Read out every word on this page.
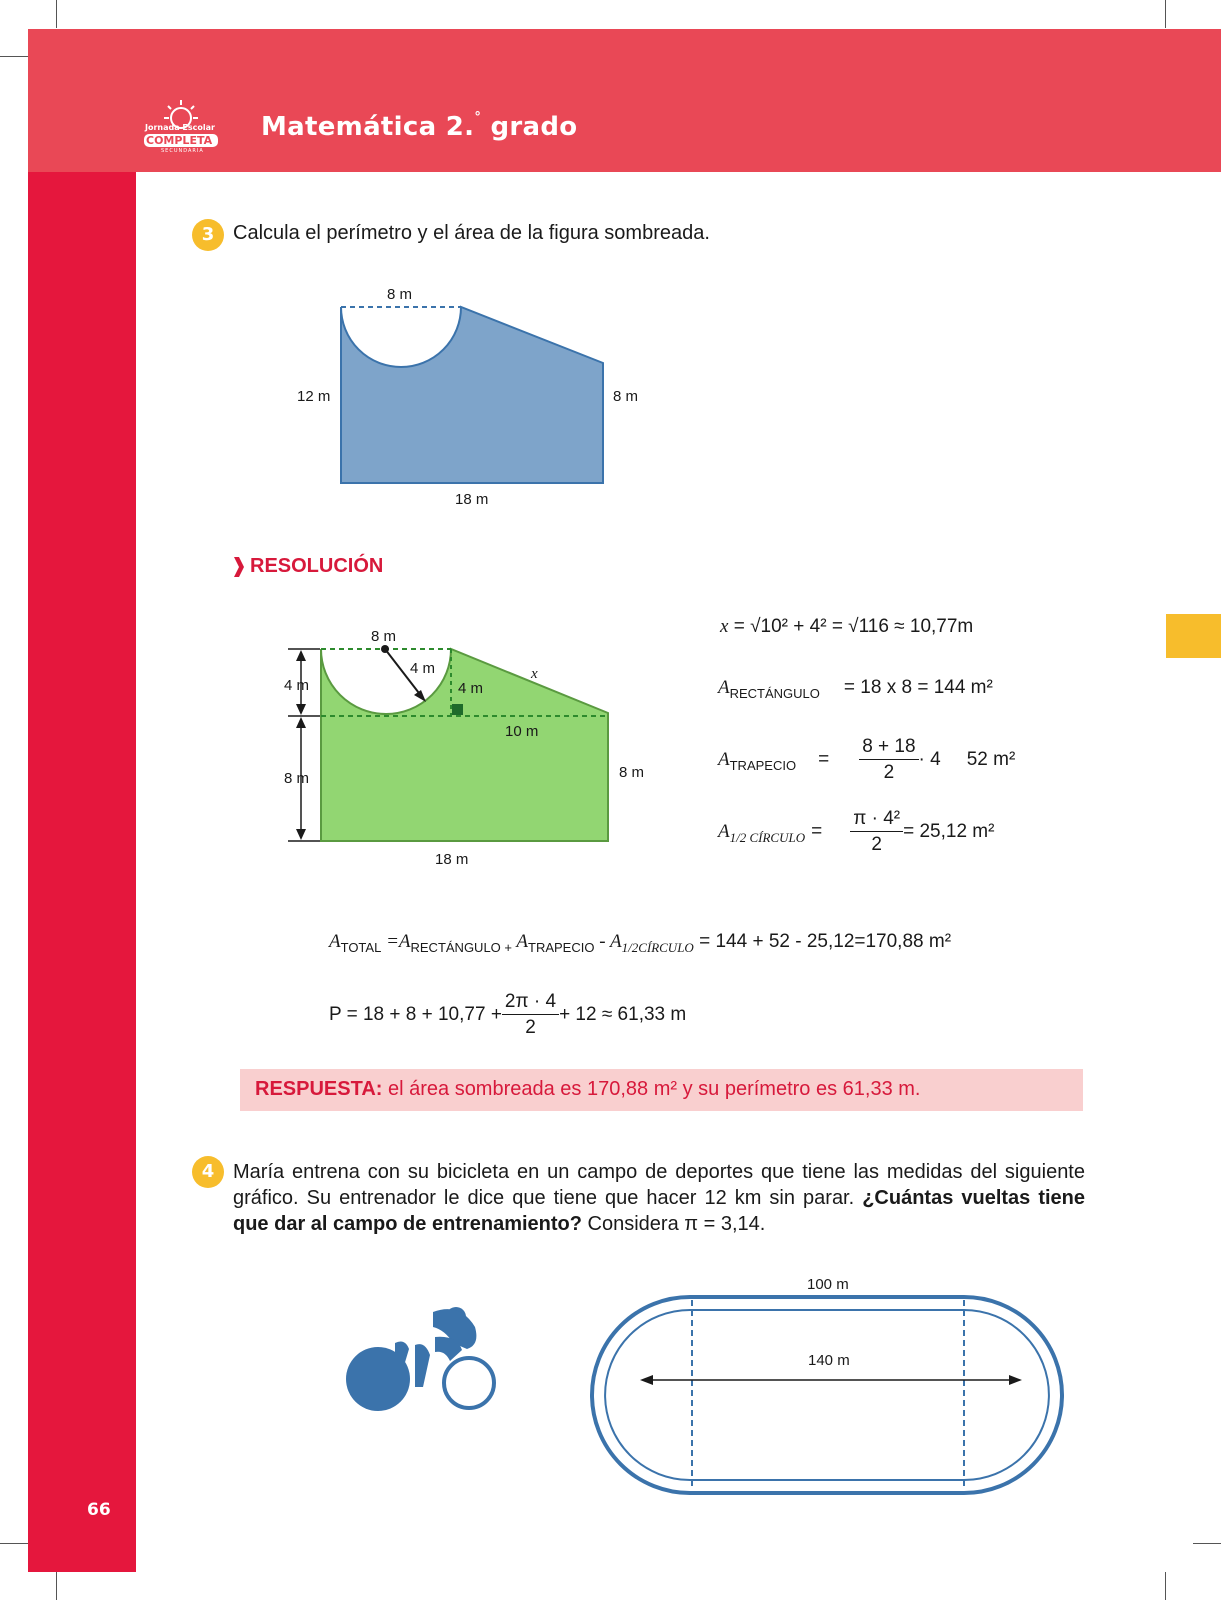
Jornada Escolar
COMPLETA
SECUNDARIA
Matemática 2.° grado
3 Calcula el perímetro y el área de la figura sombreada.
8 m
12 m	8 m
18 m
RESOLUCIÓN
8 m
4 m
4 m
x
10 m
4 m
8 m	8 m
18 m
x = √10² + 4² = √116 ≈ 10,77m
$A_{RECTÁNGULO} = 18$ x 8 = 144 m²
$A_{TRAPECIO} = \frac{8 + 18}{2} \cdot 4$ 52 m²
$A_{1/2 CÍRCULO} = \frac{\text{π · 4²}}{2} = 25,12$ m²
$A_{TOTAL} =A_{RECTÁNGULO +}$ $A_{TRAPECIO} - A_{1/2CÍRCULO} = 144 + 52 - 25,12=170,88$ m²
$P = 18 + 8 + 10,77 + \frac{2\pi \cdot 4}{2} + 12 \approx 61,33$ m
RESPUESTA: el área sombreada es 170,88 m² y su perímetro es 61,33 m.
4 María entrena con su bicicleta en un campo de deportes que tiene las medidas del siguiente gráfico. Su entrenador le dice que tiene que hacer 12 km sin parar. ¿Cuántas vueltas tiene que dar al campo de entrenamiento? Considera π = 3,14.
100 m
140 m
66
